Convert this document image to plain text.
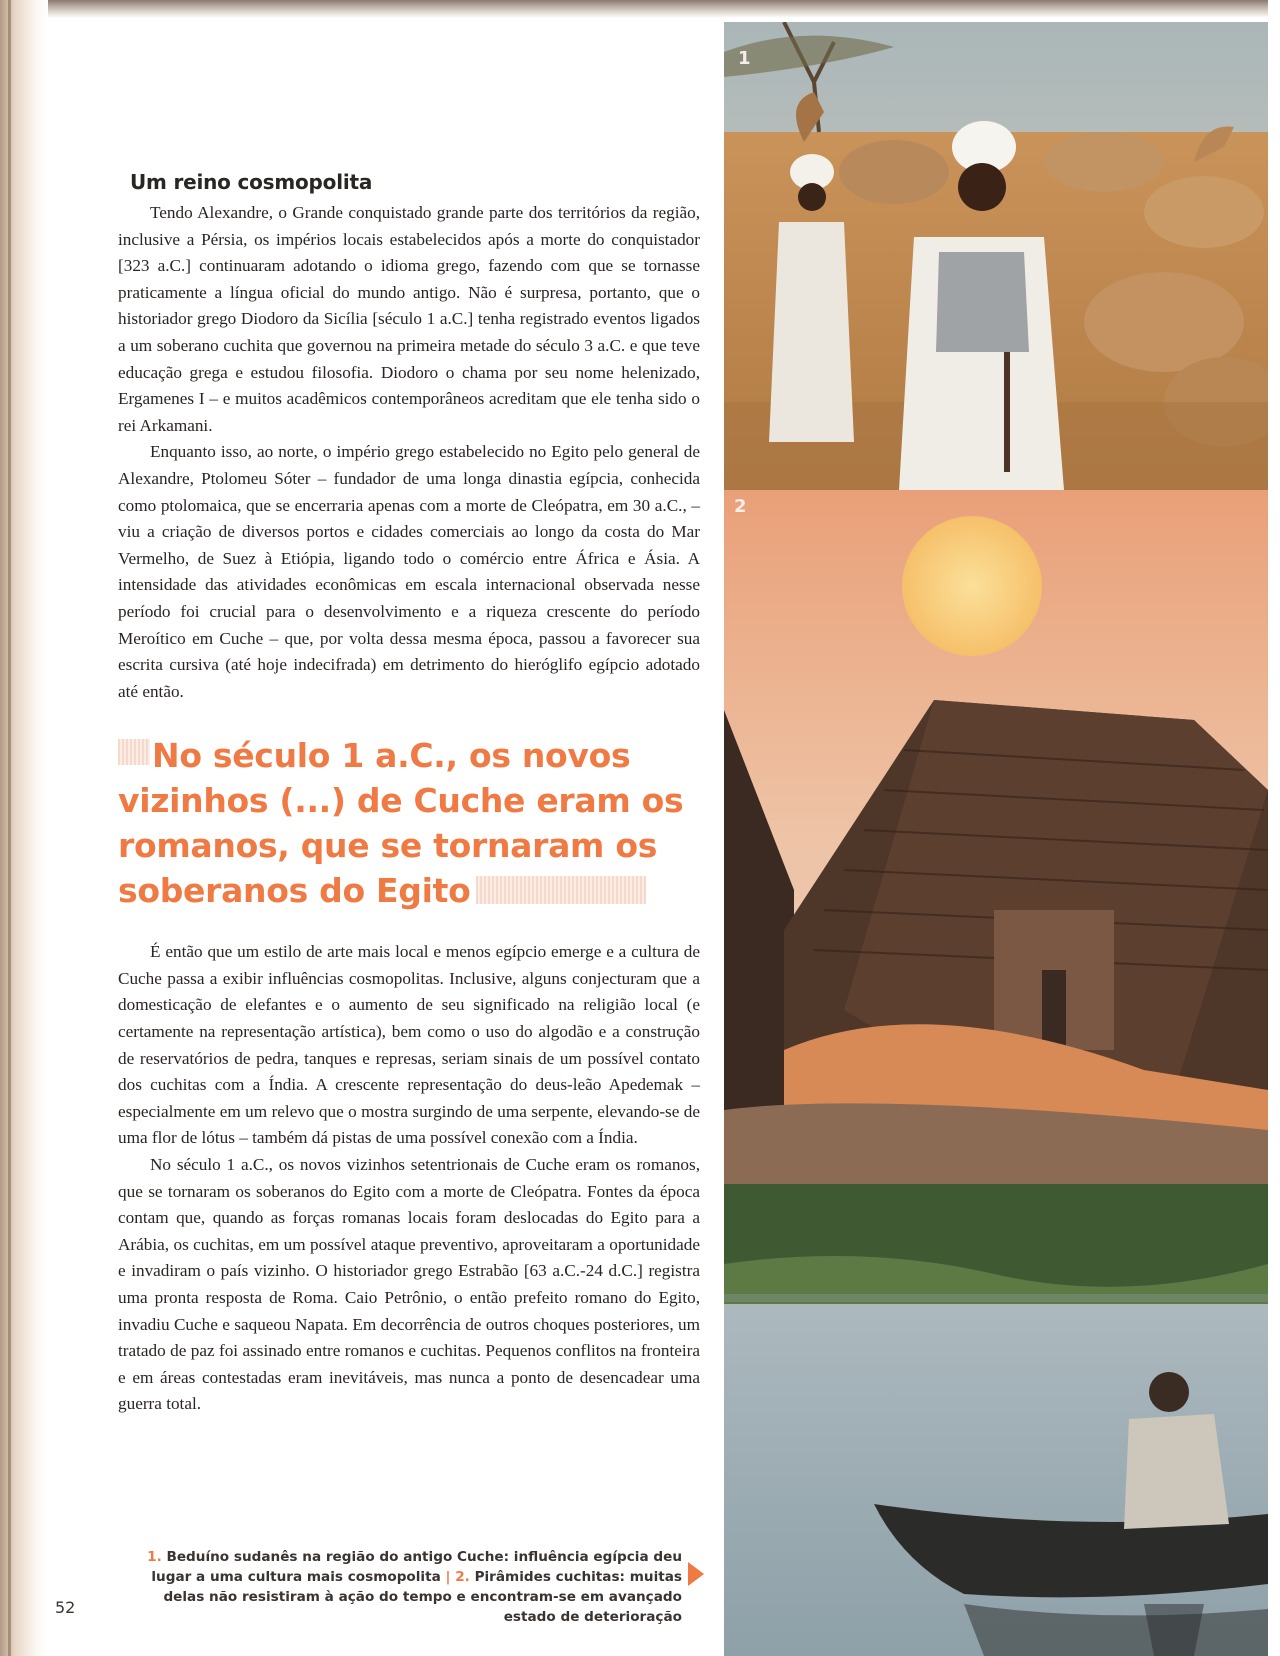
Um reino cosmopolita

Tendo Alexandre, o Grande conquistado grande parte dos territórios da região, inclusive a Pérsia, os impérios locais estabelecidos após a morte do conquistador [323 a.C.] continuaram adotando o idioma grego, fazendo com que se tornasse praticamente a língua oficial do mundo antigo. Não é surpresa, portanto, que o historiador grego Diodoro da Sicília [século 1 a.C.] tenha registrado eventos ligados a um soberano cuchita que governou na primeira metade do século 3 a.C. e que teve educação grega e estudou filosofia. Diodoro o chama por seu nome helenizado, Ergamenes I – e muitos acadêmicos contemporâneos acreditam que ele tenha sido o rei Arkamani.

Enquanto isso, ao norte, o império grego estabelecido no Egito pelo general de Alexandre, Ptolomeu Sóter – fundador de uma longa dinastia egípcia, conhecida como ptolomaica, que se encerraria apenas com a morte de Cleópatra, em 30 a.C., – viu a criação de diversos portos e cidades comerciais ao longo da costa do Mar Vermelho, de Suez à Etiópia, ligando todo o comércio entre África e Ásia. A intensidade das atividades econômicas em escala internacional observada nesse período foi crucial para o desenvolvimento e a riqueza crescente do período Meroítico em Cuche – que, por volta dessa mesma época, passou a favorecer sua escrita cursiva (até hoje indecifrada) em detrimento do hieróglifo egípcio adotado até então.

No século 1 a.C., os novos vizinhos (...) de Cuche eram os romanos, que se tornaram os soberanos do Egito

É então que um estilo de arte mais local e menos egípcio emerge e a cultura de Cuche passa a exibir influências cosmopolitas. Inclusive, alguns conjecturam que a domesticação de elefantes e o aumento de seu significado na religião local (e certamente na representação artística), bem como o uso do algodão e a construção de reservatórios de pedra, tanques e represas, seriam sinais de um possível contato dos cuchitas com a Índia. A crescente representação do deus-leão Apedemak – especialmente em um relevo que o mostra surgindo de uma serpente, elevando-se de uma flor de lótus – também dá pistas de uma possível conexão com a Índia.

No século 1 a.C., os novos vizinhos setentrionais de Cuche eram os romanos, que se tornaram os soberanos do Egito com a morte de Cleópatra. Fontes da época contam que, quando as forças romanas locais foram deslocadas do Egito para a Arábia, os cuchitas, em um possível ataque preventivo, aproveitaram a oportunidade e invadiram o país vizinho. O historiador grego Estrabão [63 a.C.-24 d.C.] registra uma pronta resposta de Roma. Caio Petrônio, o então prefeito romano do Egito, invadiu Cuche e saqueou Napata. Em decorrência de outros choques posteriores, um tratado de paz foi assinado entre romanos e cuchitas. Pequenos conflitos na fronteira e em áreas contestadas eram inevitáveis, mas nunca a ponto de desencadear uma guerra total.

1. Beduíno sudanês na região do antigo Cuche: influência egípcia deu lugar a uma cultura mais cosmopolita | 2. Pirâmides cuchitas: muitas delas não resistiram à ação do tempo e encontram-se em avançado estado de deterioração
52
1
2
